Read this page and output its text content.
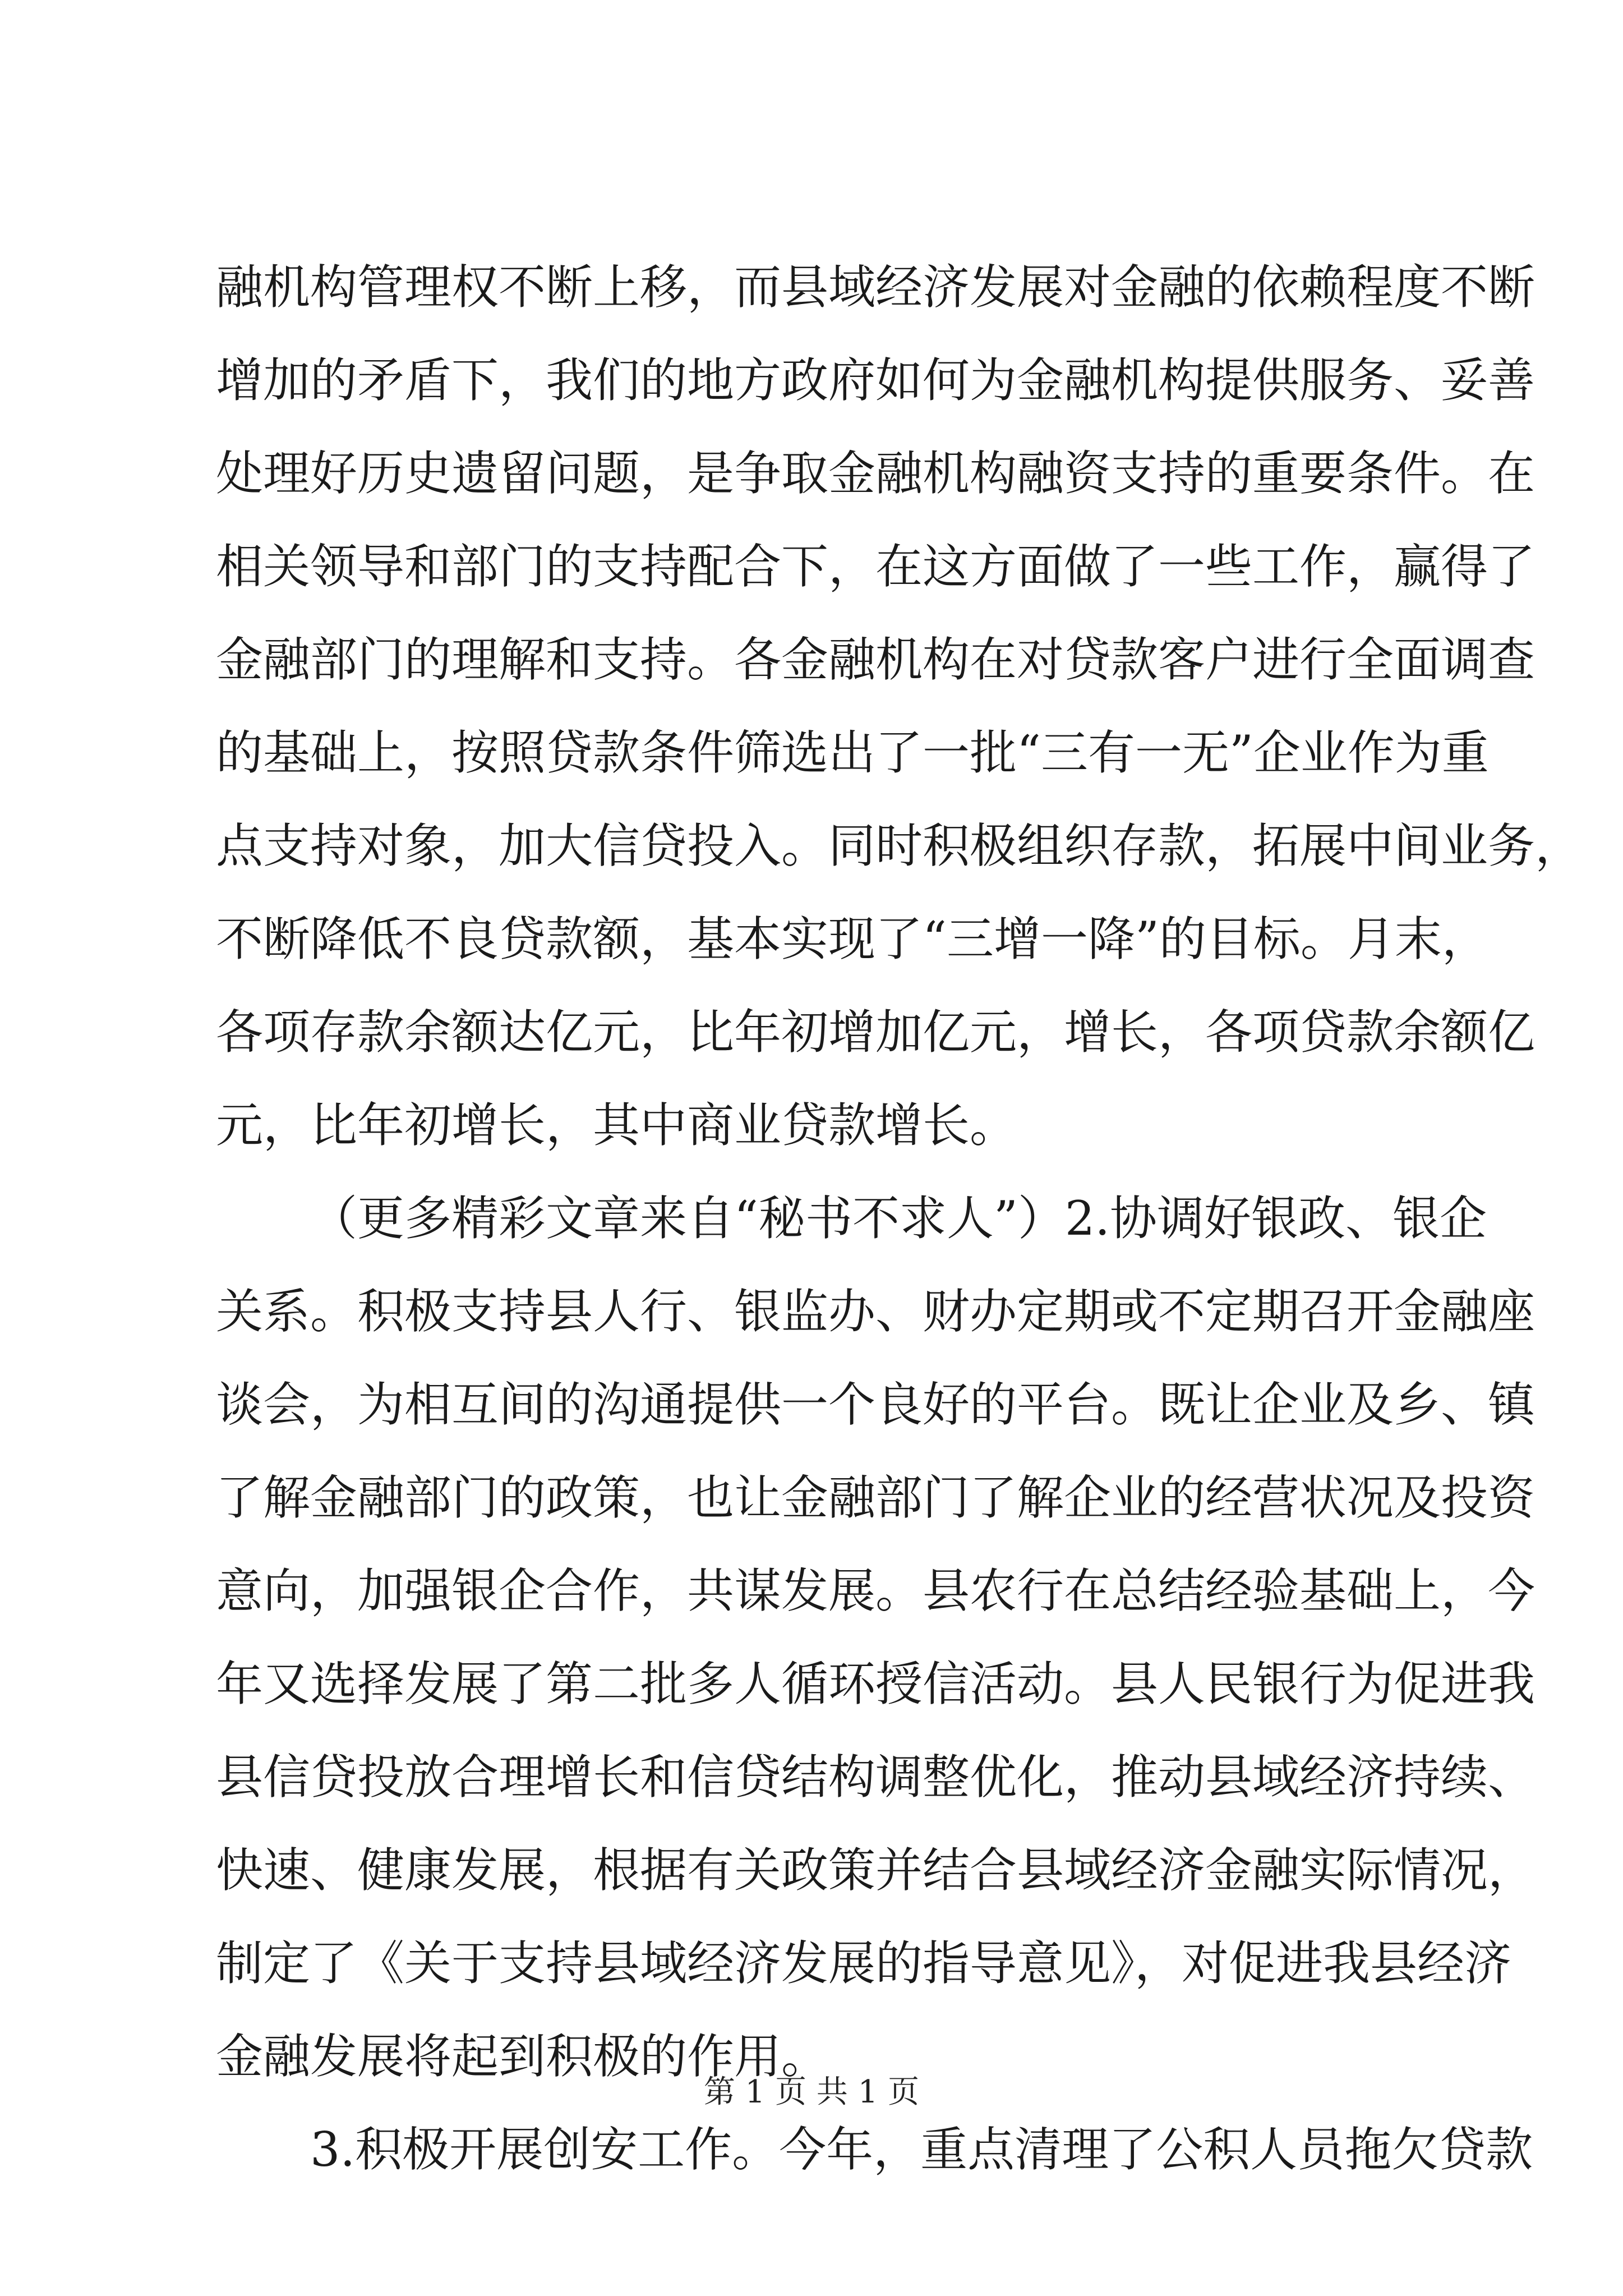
融机构管理权不断上移，而县域经济发展对金融的依赖程度不断
增加的矛盾下，我们的地方政府如何为金融机构提供服务、妥善
处理好历史遗留问题，是争取金融机构融资支持的重要条件。在
相关领导和部门的支持配合下，在这方面做了一些工作，赢得了
金融部门的理解和支持。各金融机构在对贷款客户进行全面调查
的基础上，按照贷款条件筛选出了一批“三有一无”企业作为重
点支持对象，加大信贷投入。同时积极组织存款，拓展中间业务，
不断降低不良贷款额，基本实现了“三增一降”的目标。月末，
各项存款余额达亿元，比年初增加亿元，增长，各项贷款余额亿
元，比年初增长，其中商业贷款增长。
（更多精彩文章来自“秘书不求人”）2.协调好银政、银企
关系。积极支持县人行、银监办、财办定期或不定期召开金融座
谈会，为相互间的沟通提供一个良好的平台。既让企业及乡、镇
了解金融部门的政策，也让金融部门了解企业的经营状况及投资
意向，加强银企合作，共谋发展。县农行在总结经验基础上，今
年又选择发展了第二批多人循环授信活动。县人民银行为促进我
县信贷投放合理增长和信贷结构调整优化，推动县域经济持续、
快速、健康发展，根据有关政策并结合县域经济金融实际情况，
制定了《关于支持县域经济发展的指导意见》，对促进我县经济
金融发展将起到积极的作用。
3.积极开展创安工作。今年，重点清理了公积人员拖欠贷款
第 1 页 共 1 页
